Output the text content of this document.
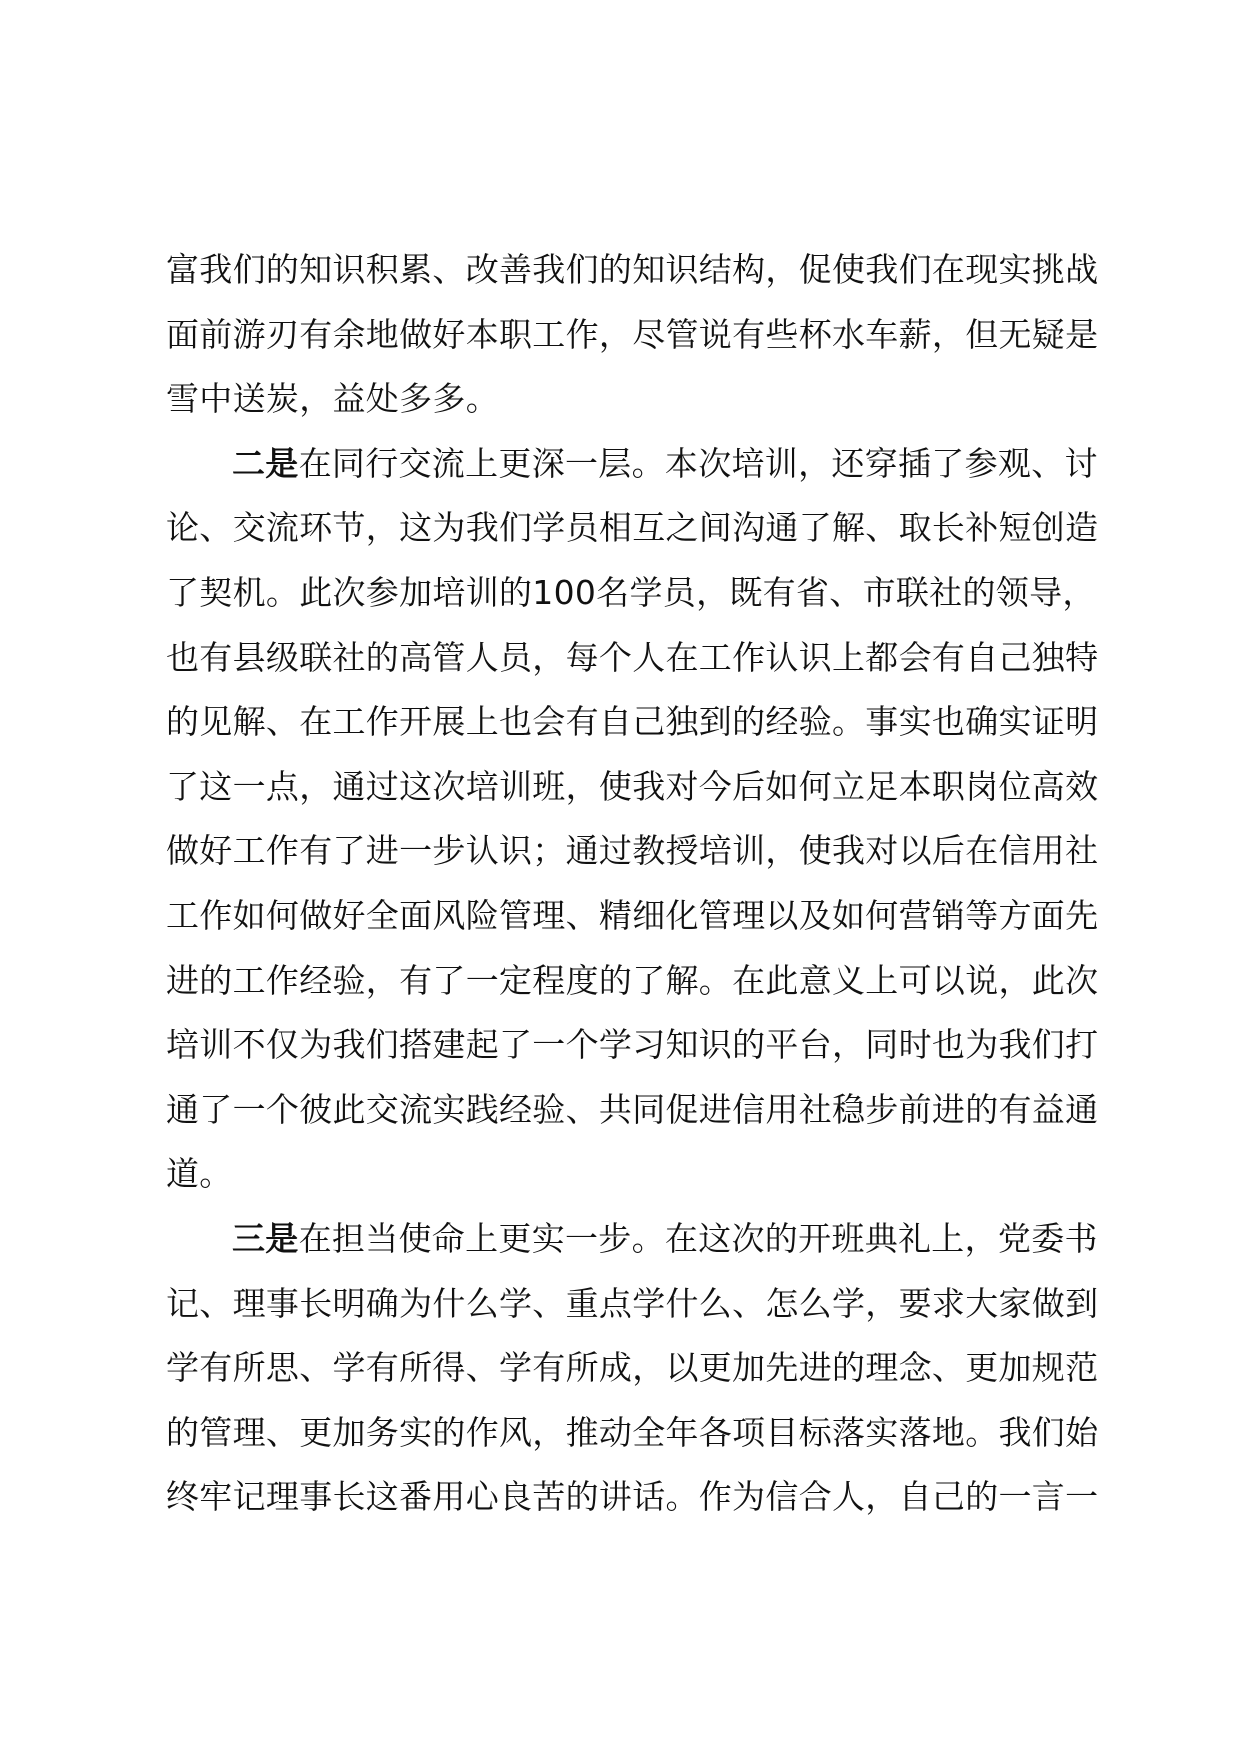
富我们的知识积累、改善我们的知识结构，促使我们在现实挑战
面前游刃有余地做好本职工作，尽管说有些杯水车薪，但无疑是
雪中送炭，益处多多。
二是在同行交流上更深一层。本次培训，还穿插了参观、讨
论、交流环节，这为我们学员相互之间沟通了解、取长补短创造
了契机。此次参加培训的100名学员，既有省、市联社的领导，
也有县级联社的高管人员，每个人在工作认识上都会有自己独特
的见解、在工作开展上也会有自己独到的经验。事实也确实证明
了这一点，通过这次培训班，使我对今后如何立足本职岗位高效
做好工作有了进一步认识；通过教授培训，使我对以后在信用社
工作如何做好全面风险管理、精细化管理以及如何营销等方面先
进的工作经验，有了一定程度的了解。在此意义上可以说，此次
培训不仅为我们搭建起了一个学习知识的平台，同时也为我们打
通了一个彼此交流实践经验、共同促进信用社稳步前进的有益通
道。
三是在担当使命上更实一步。在这次的开班典礼上，党委书
记、理事长明确为什么学、重点学什么、怎么学，要求大家做到
学有所思、学有所得、学有所成，以更加先进的理念、更加规范
的管理、更加务实的作风，推动全年各项目标落实落地。我们始
终牢记理事长这番用心良苦的讲话。作为信合人，自己的一言一
